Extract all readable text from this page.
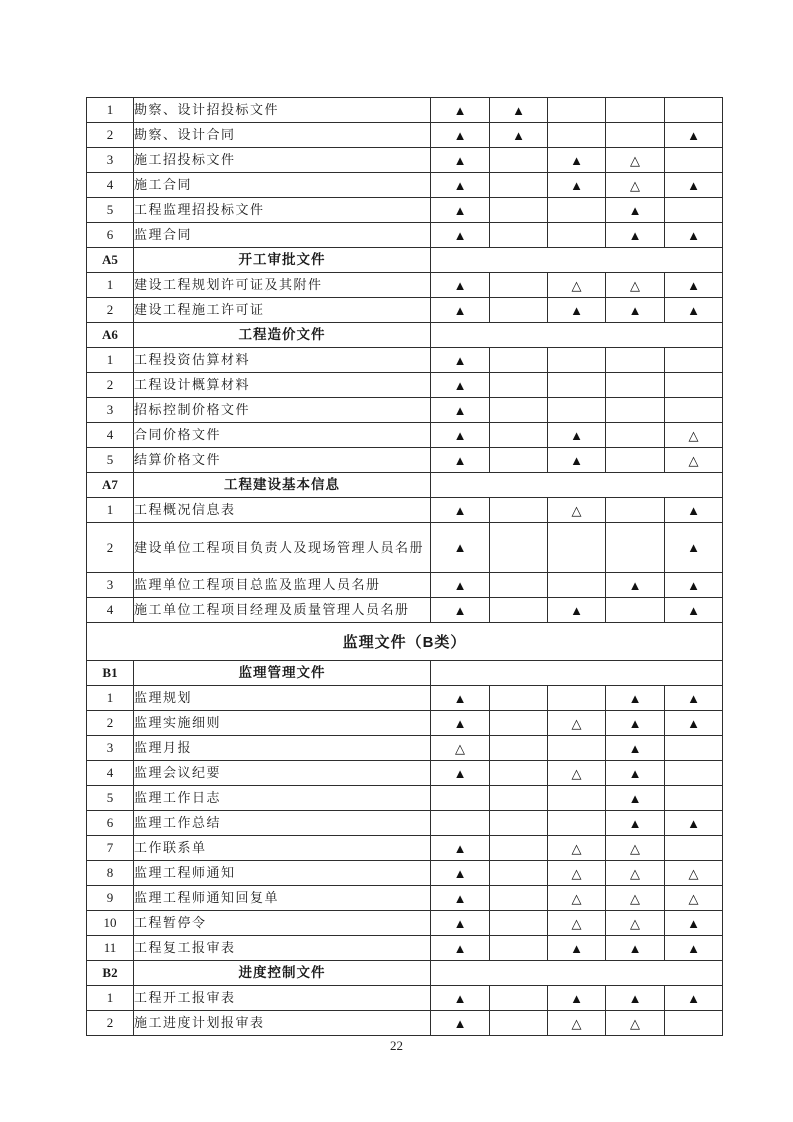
1	勘察、设计招投标文件	▲	▲			
2	勘察、设计合同	▲	▲			▲
3	施工招投标文件	▲		▲	△	
4	施工合同	▲		▲	△	▲
5	工程监理招投标文件	▲			▲	
6	监理合同	▲			▲	▲
A5	开工审批文件					
1	建设工程规划许可证及其附件	▲		△	△	▲
2	建设工程施工许可证	▲		▲	▲	▲
A6	工程造价文件					
1	工程投资估算材料	▲				
2	工程设计概算材料	▲				
3	招标控制价格文件	▲				
4	合同价格文件	▲		▲		△
5	结算价格文件	▲		▲		△
A7	工程建设基本信息					
1	工程概况信息表	▲		△		▲
2	建设单位工程项目负责人及现场管理人员名册	▲				▲
3	监理单位工程项目总监及监理人员名册	▲			▲	▲
4	施工单位工程项目经理及质量管理人员名册	▲		▲		▲
监理文件（B类）						
B1	监理管理文件					
1	监理规划	▲			▲	▲
2	监理实施细则	▲		△	▲	▲
3	监理月报	△			▲	
4	监理会议纪要	▲		△	▲	
5	监理工作日志				▲	
6	监理工作总结				▲	▲
7	工作联系单	▲		△	△	
8	监理工程师通知	▲		△	△	△
9	监理工程师通知回复单	▲		△	△	△
10	工程暂停令	▲		△	△	▲
11	工程复工报审表	▲		▲	▲	▲
B2	进度控制文件					
1	工程开工报审表	▲		▲	▲	▲
2	施工进度计划报审表	▲		△	△	
22
